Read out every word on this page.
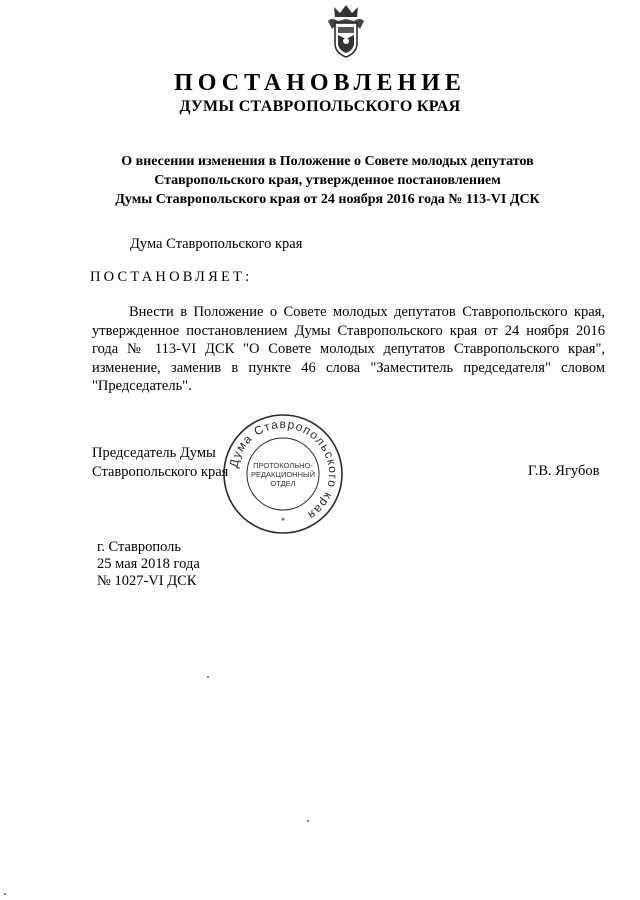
ПОСТАНОВЛЕНИЕ
ДУМЫ СТАВРОПОЛЬСКОГО КРАЯ
О внесении изменения в Положение о Совете молодых депутатов
Ставропольского края, утвержденное постановлением
Думы Ставропольского края от 24 ноября 2016 года № 113-VI ДСК

Дума Ставропольского края

ПОСТАНОВЛЯЕТ:

Внести в Положение о Совете молодых депутатов Ставропольского края, утвержденное постановлением Думы Ставропольского края от 24 ноября 2016 года № 113-VI ДСК "О Совете молодых депутатов Ставропольского края", изменение, заменив в пункте 46 слова "Заместитель председателя" словом "Председатель".

Председатель Думы
Ставропольского края	Г.В. Ягубов

Дума Ставропольского края
*
ПРОТОКОЛЬНО-
РЕДАКЦИОННЫЙ
ОТДЕЛ
г. Ставрополь
25 мая 2018 года
№ 1027-VI ДСК
